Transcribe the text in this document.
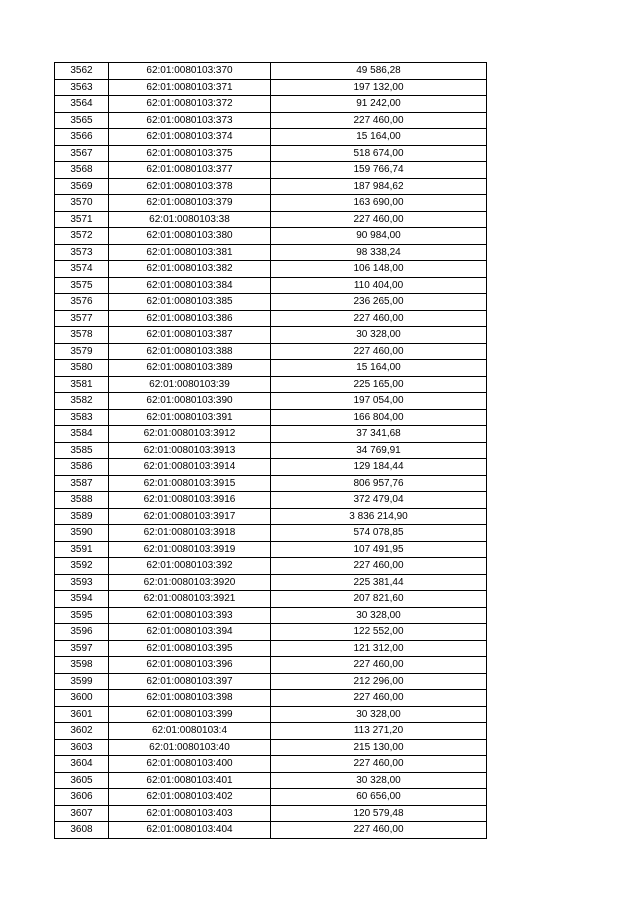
3562	62:01:0080103:370	49 586,28
3563	62:01:0080103:371	197 132,00
3564	62:01:0080103:372	91 242,00
3565	62:01:0080103:373	227 460,00
3566	62:01:0080103:374	15 164,00
3567	62:01:0080103:375	518 674,00
3568	62:01:0080103:377	159 766,74
3569	62:01:0080103:378	187 984,62
3570	62:01:0080103:379	163 690,00
3571	62:01:0080103:38	227 460,00
3572	62:01:0080103:380	90 984,00
3573	62:01:0080103:381	98 338,24
3574	62:01:0080103:382	106 148,00
3575	62:01:0080103:384	110 404,00
3576	62:01:0080103:385	236 265,00
3577	62:01:0080103:386	227 460,00
3578	62:01:0080103:387	30 328,00
3579	62:01:0080103:388	227 460,00
3580	62:01:0080103:389	15 164,00
3581	62:01:0080103:39	225 165,00
3582	62:01:0080103:390	197 054,00
3583	62:01:0080103:391	166 804,00
3584	62:01:0080103:3912	37 341,68
3585	62:01:0080103:3913	34 769,91
3586	62:01:0080103:3914	129 184,44
3587	62:01:0080103:3915	806 957,76
3588	62:01:0080103:3916	372 479,04
3589	62:01:0080103:3917	3 836 214,90
3590	62:01:0080103:3918	574 078,85
3591	62:01:0080103:3919	107 491,95
3592	62:01:0080103:392	227 460,00
3593	62:01:0080103:3920	225 381,44
3594	62:01:0080103:3921	207 821,60
3595	62:01:0080103:393	30 328,00
3596	62:01:0080103:394	122 552,00
3597	62:01:0080103:395	121 312,00
3598	62:01:0080103:396	227 460,00
3599	62:01:0080103:397	212 296,00
3600	62:01:0080103:398	227 460,00
3601	62:01:0080103:399	30 328,00
3602	62:01:0080103:4	113 271,20
3603	62:01:0080103:40	215 130,00
3604	62:01:0080103:400	227 460,00
3605	62:01:0080103:401	30 328,00
3606	62:01:0080103:402	60 656,00
3607	62:01:0080103:403	120 579,48
3608	62:01:0080103:404	227 460,00
